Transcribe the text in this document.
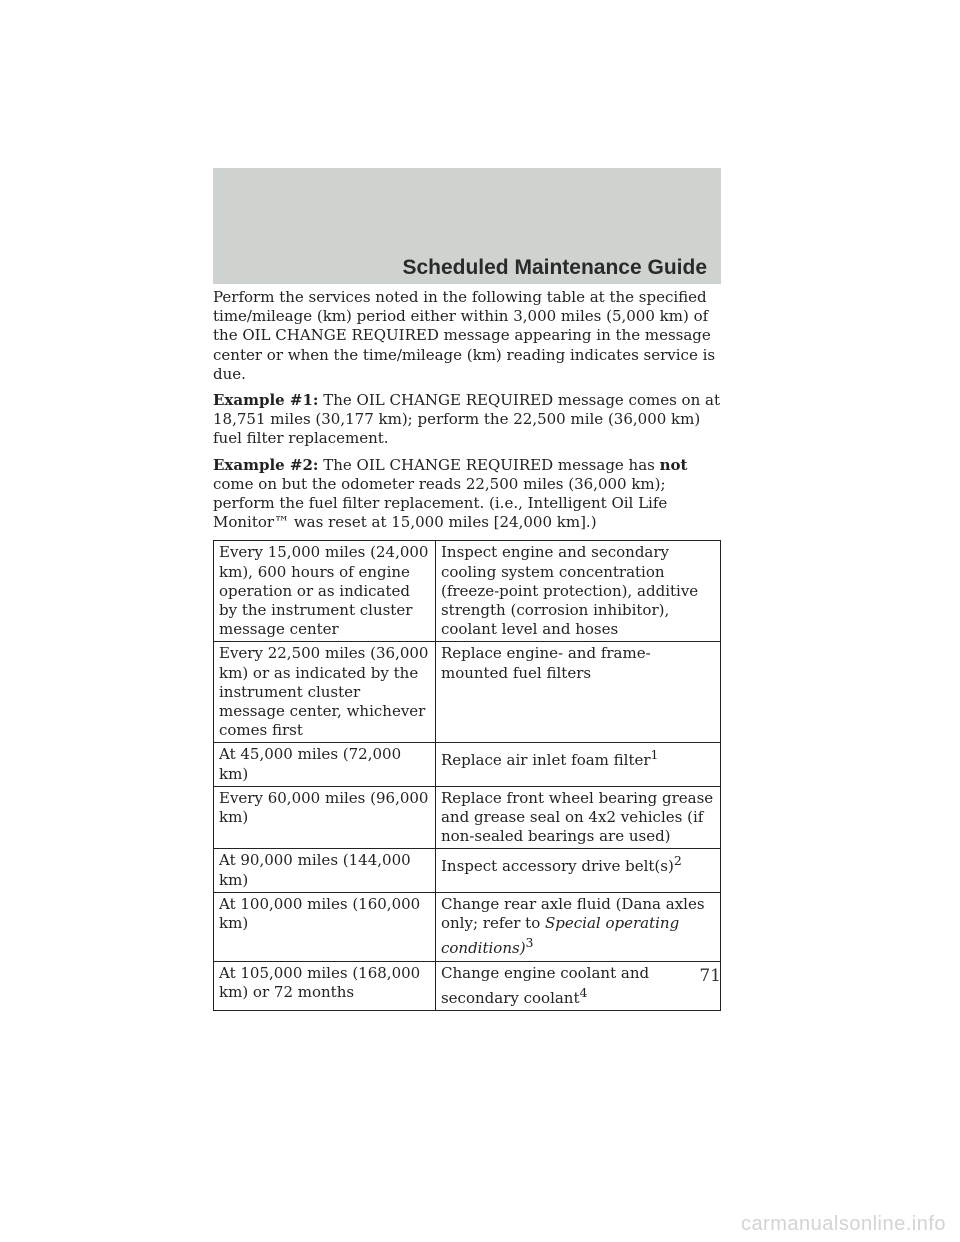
Scheduled Maintenance Guide

Perform the services noted in the following table at the specified time/mileage (km) period either within 3,000 miles (5,000 km) of the OIL CHANGE REQUIRED message appearing in the message center or when the time/mileage (km) reading indicates service is due.

Example #1: The OIL CHANGE REQUIRED message comes on at 18,751 miles (30,177 km); perform the 22,500 mile (36,000 km) fuel filter replacement.

Example #2: The OIL CHANGE REQUIRED message has not come on but the odometer reads 22,500 miles (36,000 km); perform the fuel filter replacement. (i.e., Intelligent Oil Life Monitor™ was reset at 15,000 miles [24,000 km].)

Every 15,000 miles (24,000 km), 600 hours of engine operation or as indicated by the instrument cluster message center	Inspect engine and secondary cooling system concentration (freeze-point protection), additive strength (corrosion inhibitor), coolant level and hoses
Every 22,500 miles (36,000 km) or as indicated by the instrument cluster message center, whichever comes first	Replace engine- and frame-mounted fuel filters
At 45,000 miles (72,000 km)	Replace air inlet foam filter$^1$
Every 60,000 miles (96,000 km)	Replace front wheel bearing grease and grease seal on 4x2 vehicles (if non-sealed bearings are used)
At 90,000 miles (144,000 km)	Inspect accessory drive $belt(s)^2$
At 100,000 miles (160,000 km)	Change rear axle fluid (Dana axles only; refer to Special operating conditions)$^3$
At 105,000 miles (168,000 km) or 72 months	Change engine coolant and secondary coolant$^4$
71
carmanualsonline.info
